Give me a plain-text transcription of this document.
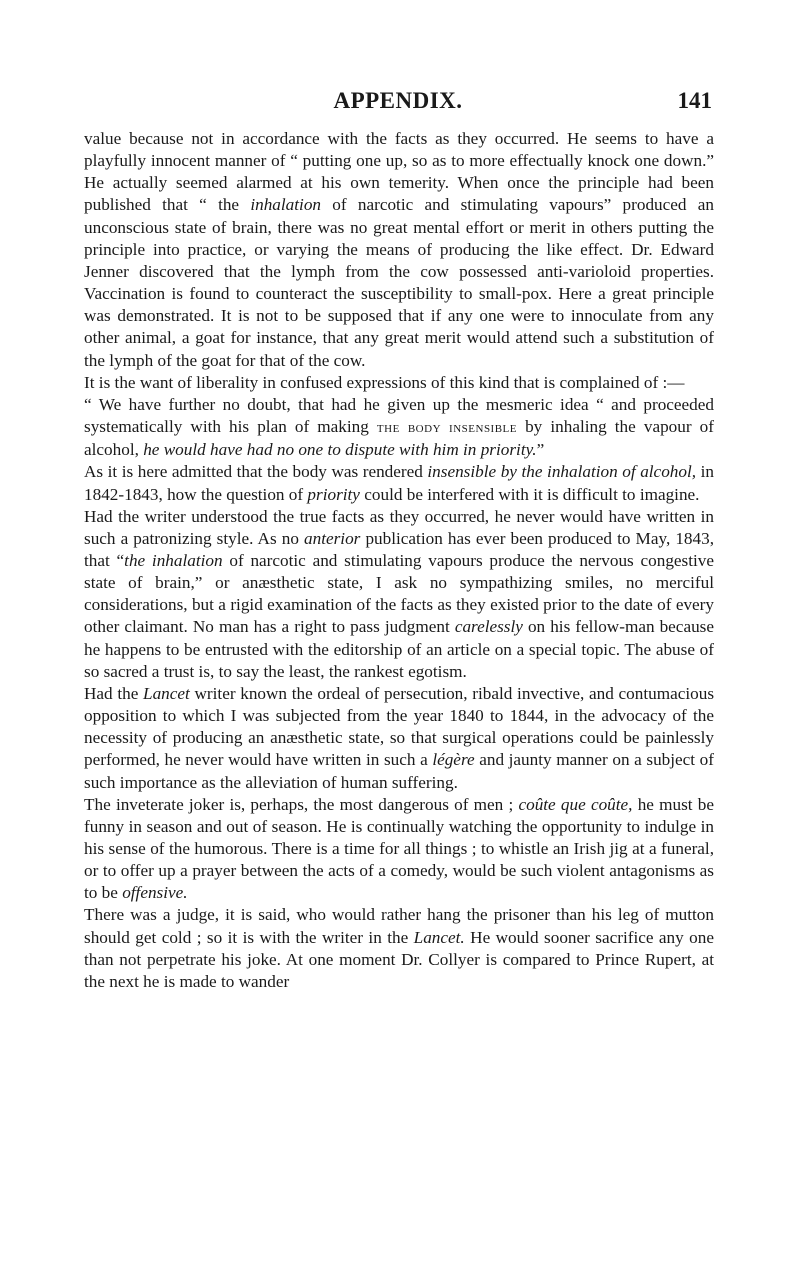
APPENDIX.	141

value because not in accordance with the facts as they occurred. He seems to have a playfully innocent manner of “ putting one up, so as to more effectually knock one down.” He actually seemed alarmed at his own temerity. When once the principle had been published that “ the inhalation of narcotic and stimulating vapours” produced an unconscious state of brain, there was no great mental effort or merit in others putting the principle into practice, or varying the means of producing the like effect. Dr. Edward Jenner discovered that the lymph from the cow possessed anti-varioloid properties. Vaccination is found to counteract the susceptibility to small-pox. Here a great principle was demonstrated. It is not to be supposed that if any one were to innoculate from any other animal, a goat for instance, that any great merit would attend such a substitution of the lymph of the goat for that of the cow.

It is the want of liberality in confused expressions of this kind that is complained of :—

“ We have further no doubt, that had he given up the mesmeric idea “ and proceeded systematically with his plan of making the body insensible by inhaling the vapour of alcohol, he would have had no one to dispute with him in priority.”

As it is here admitted that the body was rendered insensible by the inhalation of alcohol, in 1842-1843, how the question of priority could be interfered with it is difficult to imagine.

Had the writer understood the true facts as they occurred, he never would have written in such a patronizing style. As no anterior publication has ever been produced to May, 1843, that “the inhalation of narcotic and stimulating vapours produce the nervous congestive state of brain,” or anæsthetic state, I ask no sympathizing smiles, no merciful considerations, but a rigid examination of the facts as they existed prior to the date of every other claimant. No man has a right to pass judgment carelessly on his fellow-man because he happens to be entrusted with the editorship of an article on a special topic. The abuse of so sacred a trust is, to say the least, the rankest egotism.

Had the Lancet writer known the ordeal of persecution, ribald invective, and contumacious opposition to which I was subjected from the year 1840 to 1844, in the advocacy of the necessity of producing an anæsthetic state, so that surgical operations could be painlessly performed, he never would have written in such a légère and jaunty manner on a subject of such importance as the alleviation of human suffering.

The inveterate joker is, perhaps, the most dangerous of men ; coûte que coûte, he must be funny in season and out of season. He is continually watching the opportunity to indulge in his sense of the humorous. There is a time for all things ; to whistle an Irish jig at a funeral, or to offer up a prayer between the acts of a comedy, would be such violent antagonisms as to be offensive.

There was a judge, it is said, who would rather hang the prisoner than his leg of mutton should get cold ; so it is with the writer in the Lancet. He would sooner sacrifice any one than not perpetrate his joke. At one moment Dr. Collyer is compared to Prince Rupert, at the next he is made to wander
